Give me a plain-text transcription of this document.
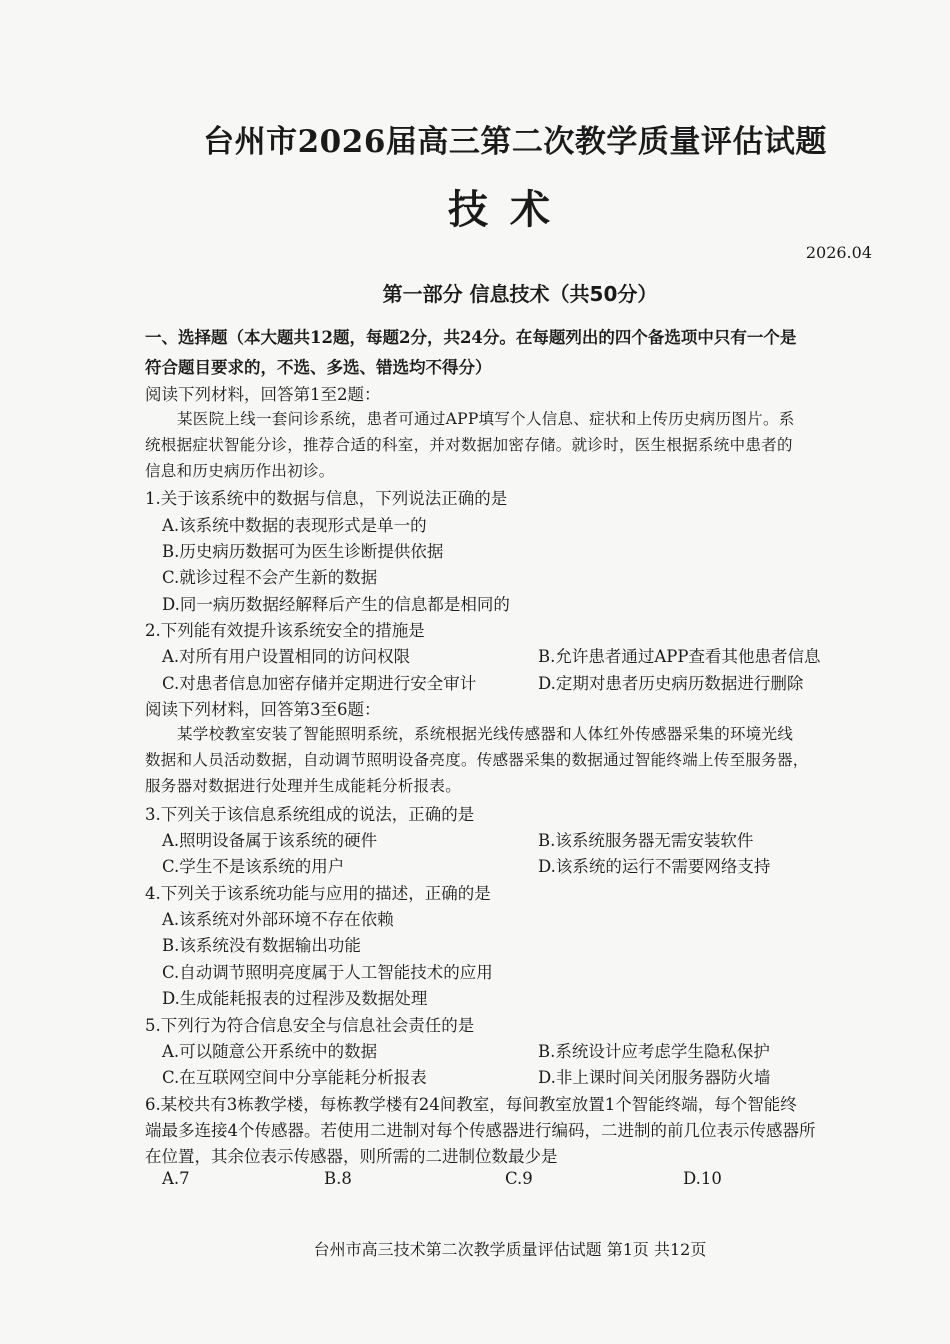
台州市2026届高三第二次教学质量评估试题
技术
2026.04
第一部分 信息技术（共50分）
一、选择题（本大题共12题，每题2分，共24分。在每题列出的四个备选项中只有一个是
符合题目要求的，不选、多选、错选均不得分）
阅读下列材料，回答第1至2题：
某医院上线一套问诊系统，患者可通过APP填写个人信息、症状和上传历史病历图片。系
统根据症状智能分诊，推荐合适的科室，并对数据加密存储。就诊时，医生根据系统中患者的
信息和历史病历作出初诊。
1.关于该系统中的数据与信息，下列说法正确的是
A.该系统中数据的表现形式是单一的
B.历史病历数据可为医生诊断提供依据
C.就诊过程不会产生新的数据
D.同一病历数据经解释后产生的信息都是相同的
2.下列能有效提升该系统安全的措施是
A.对所有用户设置相同的访问权限	B.允许患者通过APP查看其他患者信息
C.对患者信息加密存储并定期进行安全审计	D.定期对患者历史病历数据进行删除
阅读下列材料，回答第3至6题：
某学校教室安装了智能照明系统，系统根据光线传感器和人体红外传感器采集的环境光线
数据和人员活动数据，自动调节照明设备亮度。传感器采集的数据通过智能终端上传至服务器，
服务器对数据进行处理并生成能耗分析报表。
3.下列关于该信息系统组成的说法，正确的是
A.照明设备属于该系统的硬件	B.该系统服务器无需安装软件
C.学生不是该系统的用户	D.该系统的运行不需要网络支持
4.下列关于该系统功能与应用的描述，正确的是
A.该系统对外部环境不存在依赖
B.该系统没有数据输出功能
C.自动调节照明亮度属于人工智能技术的应用
D.生成能耗报表的过程涉及数据处理
5.下列行为符合信息安全与信息社会责任的是
A.可以随意公开系统中的数据	B.系统设计应考虑学生隐私保护
C.在互联网空间中分享能耗分析报表	D.非上课时间关闭服务器防火墙
6.某校共有3栋教学楼，每栋教学楼有24间教室，每间教室放置1个智能终端，每个智能终
端最多连接4个传感器。若使用二进制对每个传感器进行编码，二进制的前几位表示传感器所
在位置，其余位表示传感器，则所需的二进制位数最少是
A.7	B.8	C.9	D.10
台州市高三技术第二次教学质量评估试题 第1页 共12页
